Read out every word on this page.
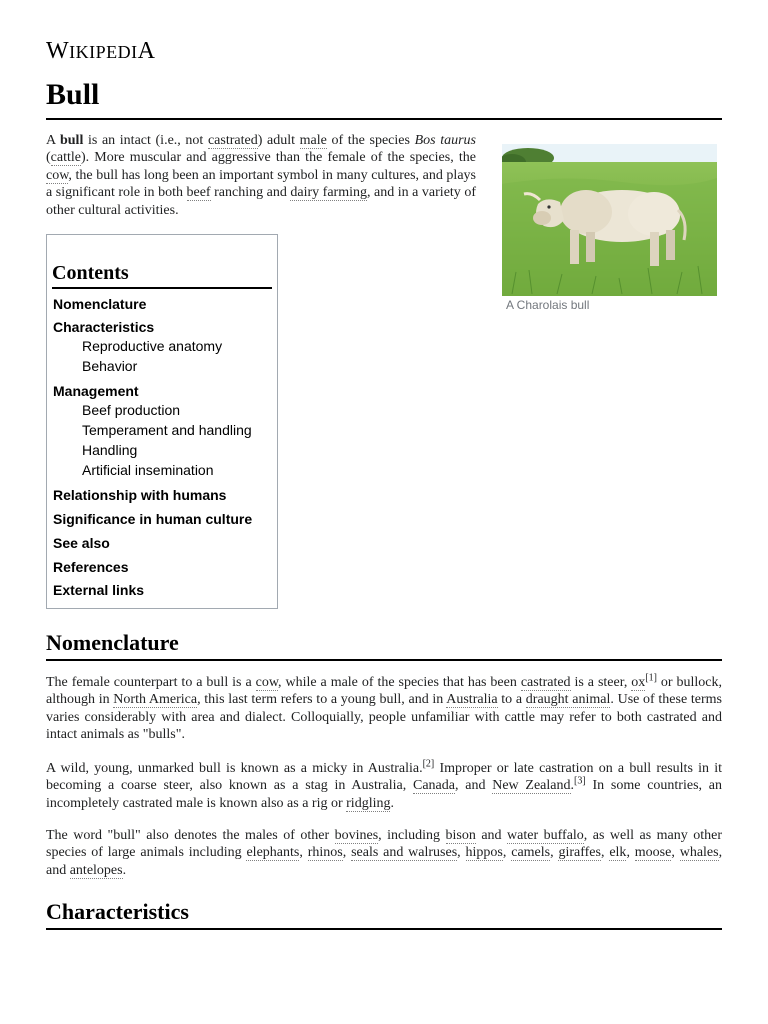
WIKIPEDIA
Bull

A bull is an intact (i.e., not castrated) adult male of the species Bos taurus (cattle). More muscular and aggressive than the female of the species, the cow, the bull has long been an important symbol in many cultures, and plays a significant role in both beef ranching and dairy farming, and in a variety of other cultural activities.

A Charolais bull
Contents
Nomenclature
Characteristics
Reproductive anatomy
Behavior
Management
Beef production
Temperament and handling
Handling
Artificial insemination
Relationship with humans
Significance in human culture
See also
References
External links
Nomenclature

The female counterpart to a bull is a cow, while a male of the species that has been castrated is a steer, ox[1] or bullock, although in North America, this last term refers to a young bull, and in Australia to a draught animal. Use of these terms varies considerably with area and dialect. Colloquially, people unfamiliar with cattle may refer to both castrated and intact animals as "bulls".

A wild, young, unmarked bull is known as a micky in Australia.[2] Improper or late castration on a bull results in it becoming a coarse steer, also known as a stag in Australia, Canada, and New Zealand.[3] In some countries, an incompletely castrated male is known also as a rig or ridgling.

The word "bull" also denotes the males of other bovines, including bison and water buffalo, as well as many other species of large animals including elephants, rhinos, seals and walruses, hippos, camels, giraffes, elk, moose, whales, and antelopes.

Characteristics
